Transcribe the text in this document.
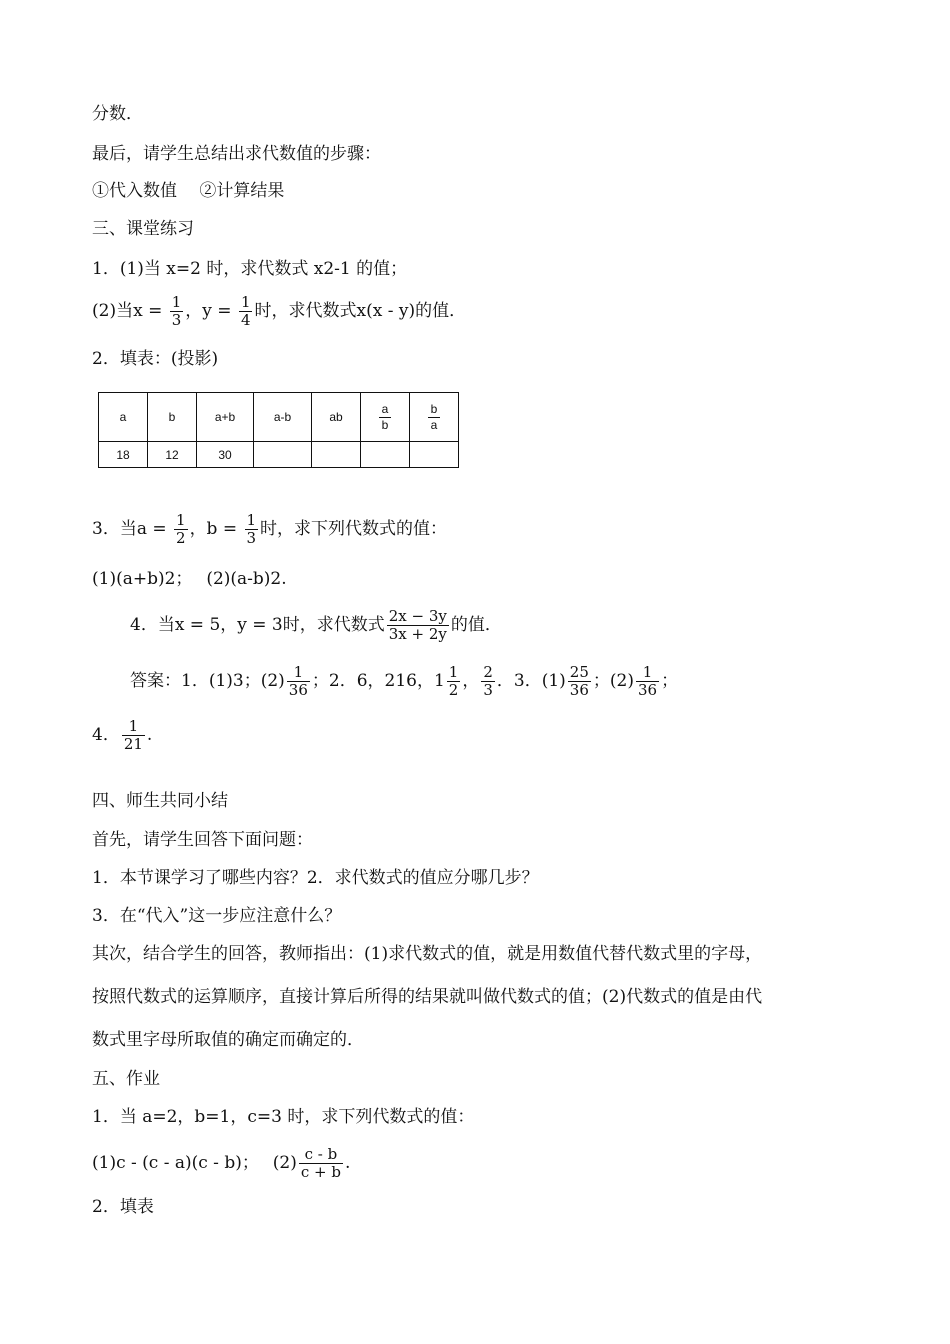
分数．
最后，请学生总结出求代数值的步骤：
①代入数值　 ②计算结果
三、课堂练习
1．(1)当 x=2 时，求代数式 x2-1 的值；
(2)当$x = \frac{1}{3}$ ，$y = \frac{1}{4}$ 时，求代数式x(x - y)的值．
2．填表：(投影)
a	b	a+b	a-b	ab	$\frac{a}{b}$	$\frac{b}{a}$

18	12	30				
3．当$a = \frac{1}{2}$ ，$b = \frac{1}{3}$ 时，求下列代数式的值：
(1)(a+b)2；　 (2)(a-b)2.
4．当x = 5，y = 3时，求代数式 $\frac{2x - 3y}{3x + 2y}$ 的值．
答案：1．(1)3；$(2) \frac{1}{36}$ ；2．6，216，$1 \frac{1}{2}$ ， $\frac{2}{3}$ ．3．$(1) \frac{25}{36}$ ；$(2) \frac{1}{36}$ ；
4． $\frac{1}{21}$ .
四、师生共同小结
首先，请学生回答下面问题：
1．本节课学习了哪些内容？2．求代数式的值应分哪几步？
3．在“代入”这一步应注意什么？
其次，结合学生的回答，教师指出：(1)求代数式的值，就是用数值代替代数式里的字母，
按照代数式的运算顺序，直接计算后所得的结果就叫做代数式的值；(2)代数式的值是由代
数式里字母所取值的确定而确定的．
五、作业
1．当 a=2，b=1，c=3 时，求下列代数式的值：
(1)c - (c - a)(c - b)；　 $(2) \frac{c - b}{c + b}$ .
2．填表
